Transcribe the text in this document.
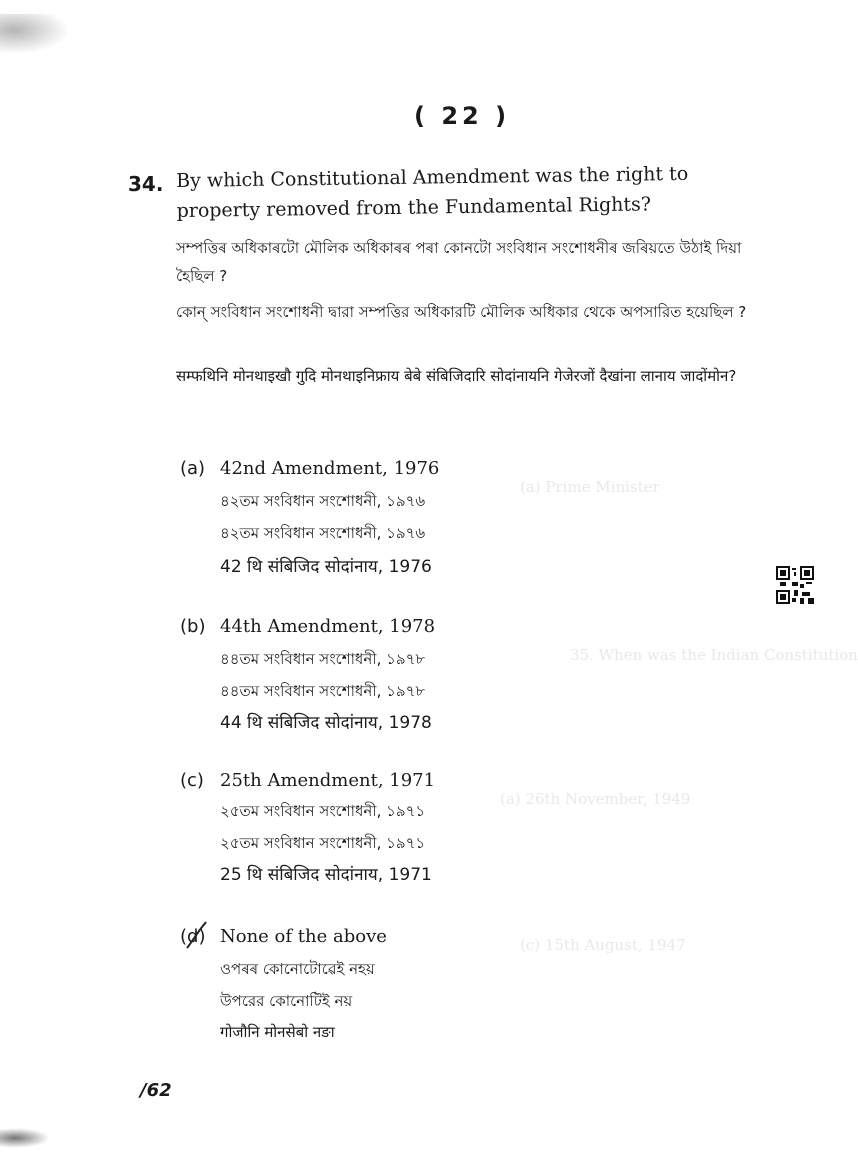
(a) Prime Minister
35. When was the Indian Constitution
(a) 26th November, 1949
(c) 15th August, 1947
( 22 )
34. By which Constitutional Amendment was the right to property removed from the Fundamental Rights?
সম্পত্তিৰ অধিকাৰটো মৌলিক অধিকাৰৰ পৰা কোনটো সংবিধান সংশোধনীৰ জৰিয়তে উঠাই দিয়া হৈছিল ?
কোন্ সংবিধান সংশোধনী দ্বারা সম্পত্তির অধিকারটি মৌলিক অধিকার থেকে অপসারিত হয়েছিল ?
सम्फथिनि मोनथाइखौ गुदि मोनथाइनिफ्राय बेबे संबिजिदारि सोदांनायनि गेजेरजों दैखांना लानाय जादोंमोन?
(a) 42nd Amendment, 1976
৪২তম সংবিধান সংশোধনী, ১৯৭৬
৪২তম সংবিধান সংশোধনী, ১৯৭৬
42 थि संबिजिद सोदांनाय, 1976
(b) 44th Amendment, 1978
৪৪তম সংবিধান সংশোধনী, ১৯৭৮
৪৪তম সংবিধান সংশোধনী, ১৯৭৮
44 थि संबिजिद सोदांनाय, 1978
(c) 25th Amendment, 1971
২৫তম সংবিধান সংশোধনী, ১৯৭১
২৫তম সংবিধান সংশোধনী, ১৯৭১
25 थि संबिजिद सोदांनाय, 1971
(d) None of the above
ওপৰৰ কোনোটোৱেই নহয়
উপরের কোনোটিই নয়
गोजौनि मोनसेबो नङा
/62
